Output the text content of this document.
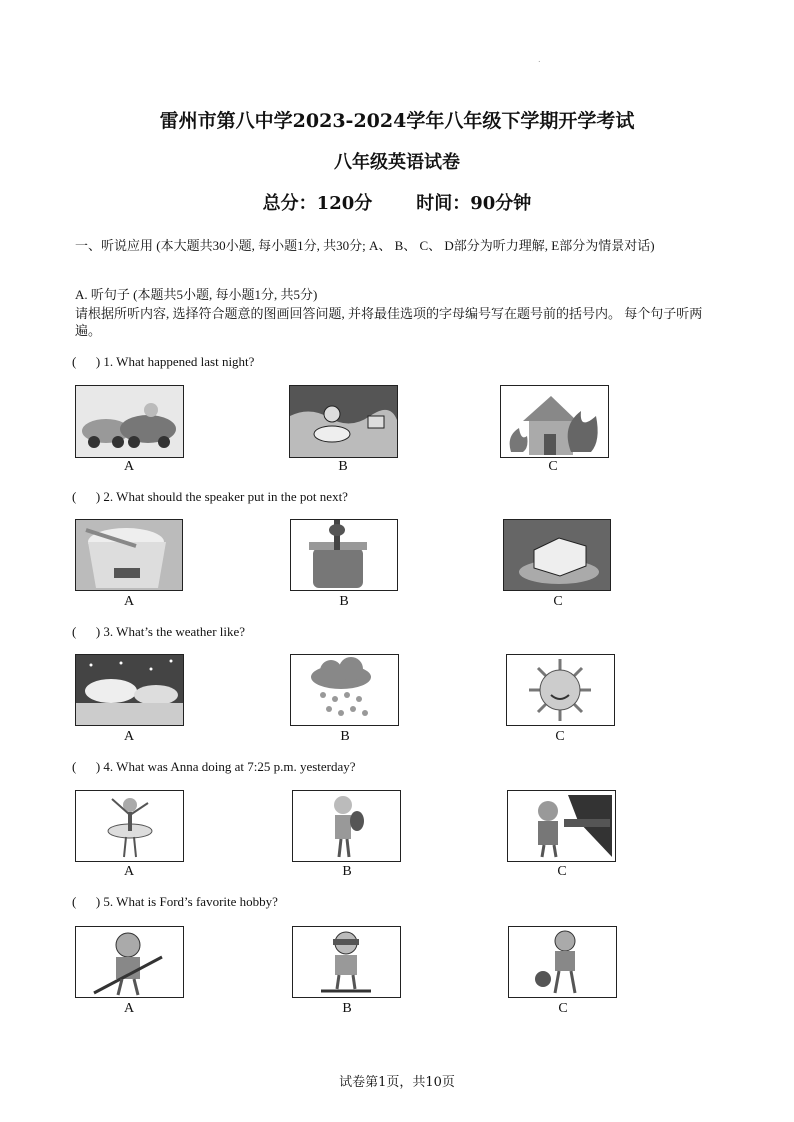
.
雷州市第八中学2023-2024学年八年级下学期开学考试
八年级英语试卷
总分：120分 时间：90分钟
一、听说应用 (本大题共30小题, 每小题1分, 共30分; A、 B、 C、 D部分为听力理解, E部分为情景对话)
A. 听句子 (本题共5小题, 每小题1分, 共5分)
请根据所听内容, 选择符合题意的图画回答问题, 并将最佳选项的字母编号写在题号前的括号内。 每个句子听两遍。
(      ) 1. What happened last night?
A	B	C
(      ) 2. What should the speaker put in the pot next?
A	B	C
(      ) 3. What’s the weather like?
A	B	C
(      ) 4. What was Anna doing at 7:25 p.m. yesterday?
A	B	C
(      ) 5. What is Ford’s favorite hobby?
A	B	C
试卷第1页，共10页
